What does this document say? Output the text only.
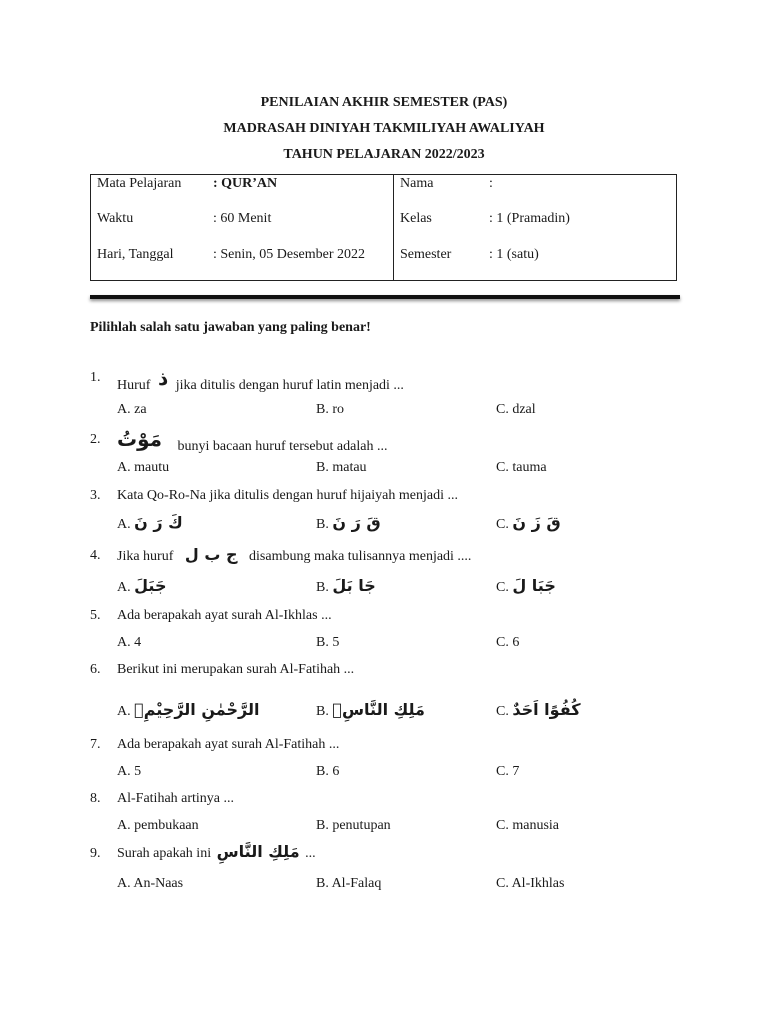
PENILAIAN AKHIR SEMESTER (PAS)
MADRASAH DINIYAH TAKMILIYAH AWALIYAH
TAHUN PELAJARAN 2022/2023
Mata Pelajaran : QUR’AN
Waktu	: 60 Menit
Hari, Tanggal	: Senin, 05 Desember 2022
Nama	:
Kelas	: 1 (Pramadin)
Semester	: 1 (satu)
Pilihlah salah satu jawaban yang paling benar!
1.
Huruf ذ jika ditulis dengan huruf latin menjadi ...
A. za	B. ro	C. dzal
2. مَوْتُ bunyi bacaan huruf tersebut adalah ...
A. mautu	B. matau	C. tauma
3. Kata Qo-Ro-Na jika ditulis dengan huruf hijaiyah menjadi ...
A. كَ رَ نَ	B. قَ رَ نَ	C. قَ زَ نَ
4. Jika huruf ج ب ل disambung maka tulisannya menjadi ....
A. جَبَلَ	B. جَا بَلَ	C. جَبَا لَ
5. Ada berapakah ayat surah Al-Ikhlas ...
A. 4	B. 5	C. 6
6. Berikut ini merupakan surah Al-Fatihah ...
A. الرَّحْمٰنِ الرَّحِيْمِۙ	B. مَلِكِ النَّاسِۙ	C. كُفُوًا اَحَدٌ
7. Ada berapakah ayat surah Al-Fatihah ...
A. 5	B. 6	C. 7
8. Al-Fatihah artinya ...
A. pembukaan	B. penutupan	C. manusia
9. Surah apakah ini مَلِكِ النَّاسِ ...
A. An-Naas	B. Al-Falaq	C. Al-Ikhlas
